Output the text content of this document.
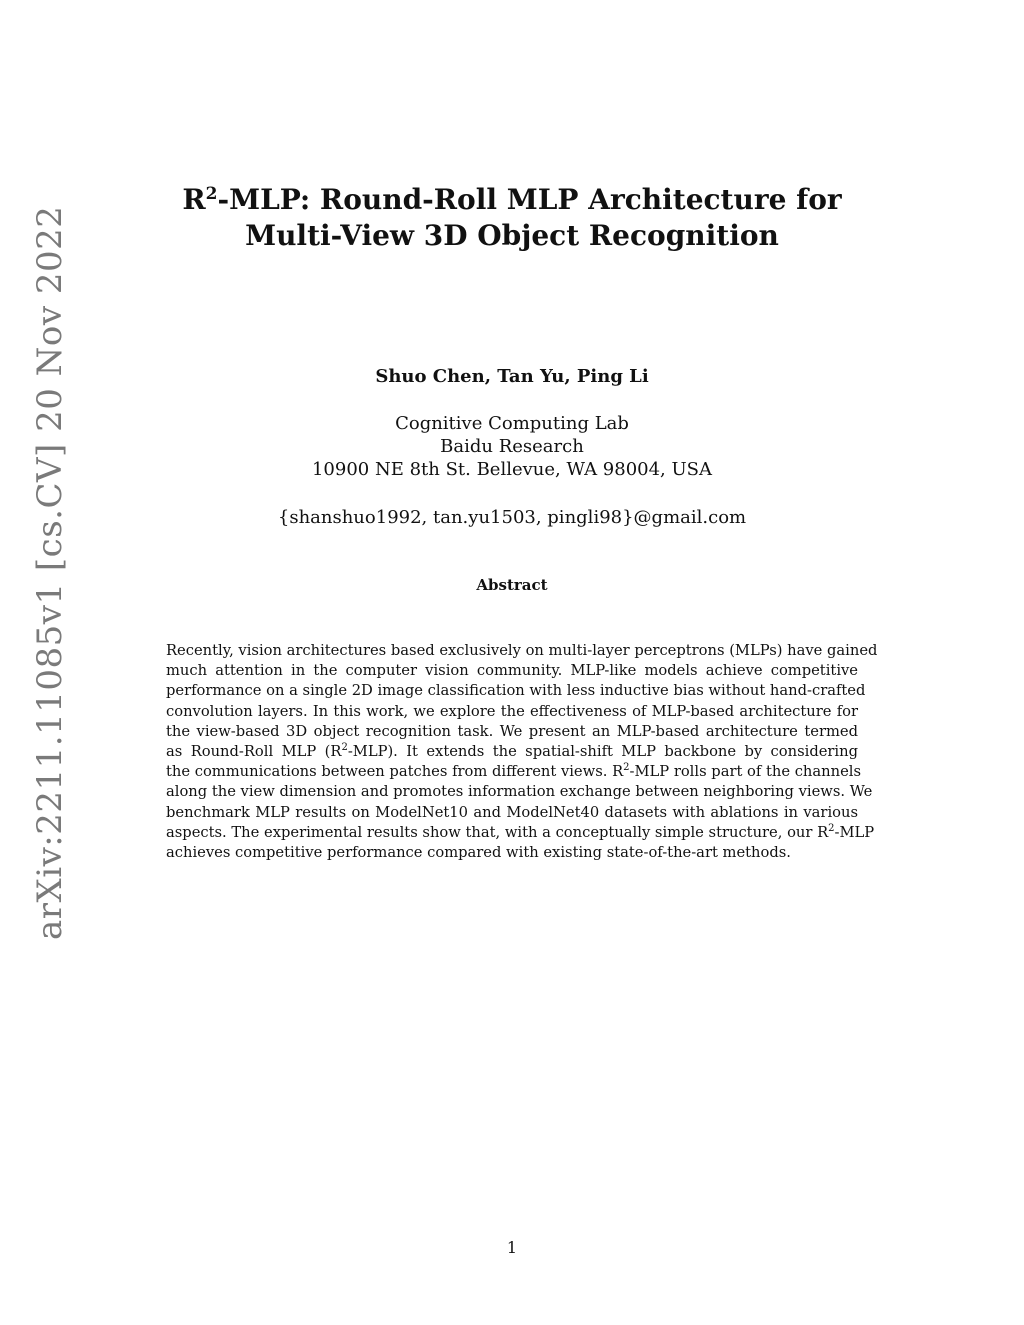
arXiv:2211.11085v1 [cs.CV] 20 Nov 2022
$R^2$-MLP: Round-Roll MLP Architecture for
Multi-View 3D Object Recognition
Shuo Chen, Tan Yu, Ping Li
Cognitive Computing Lab
Baidu Research
10900 NE 8th St. Bellevue, WA 98004, USA
{shanshuo1992, tan.yu1503, pingli98}@gmail.com
Abstract
Recently, vision architectures based exclusively on multi-layer perceptrons (MLPs) have gained
much attention in the computer vision community. MLP-like models achieve competitive
performance on a single 2D image classification with less inductive bias without hand-crafted
convolution layers. In this work, we explore the effectiveness of MLP-based architecture for
the view-based 3D object recognition task. We present an MLP-based architecture termed
as Round-Roll MLP $(R^2-MLP)$. It extends the spatial-shift MLP backbone by considering
the communications between patches from different views. $R^2$-MLP rolls part of the channels
along the view dimension and promotes information exchange between neighboring views. We
benchmark MLP results on ModelNet10 and ModelNet40 datasets with ablations in various
aspects. The experimental results show that, with a conceptually simple structure, our $R^2$-MLP
achieves competitive performance compared with existing state-of-the-art methods.
1
